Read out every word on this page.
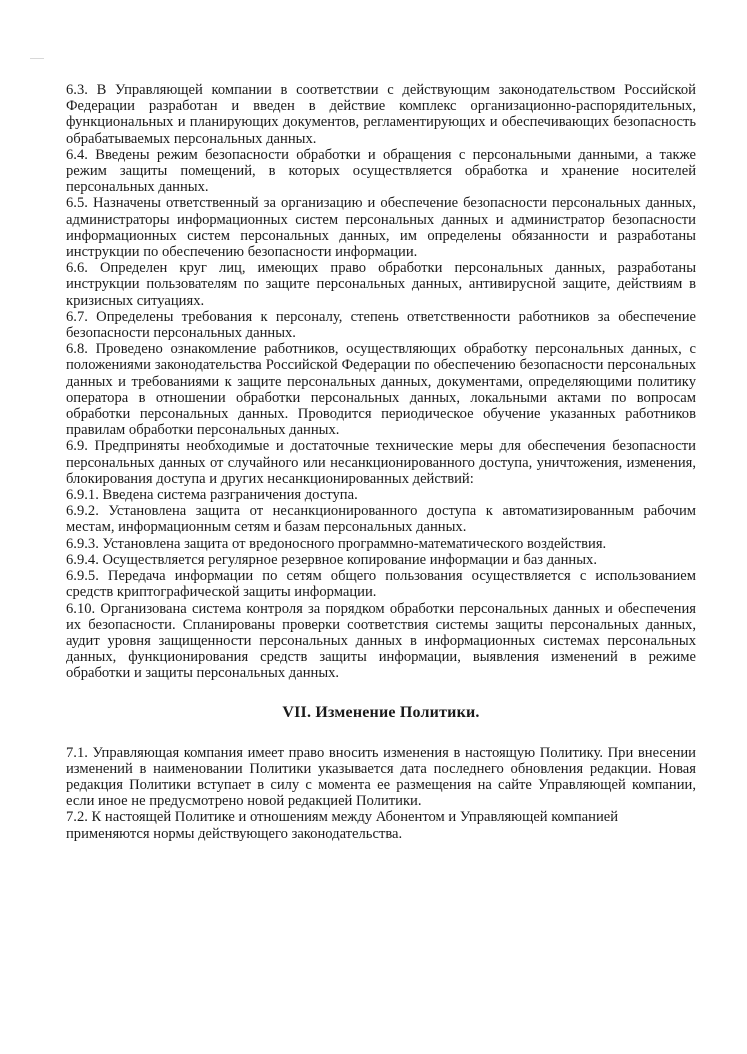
6.3. В Управляющей компании в соответствии с действующим законодательством Российской Федерации разработан и введен в действие комплекс организационно-распорядительных, функциональных и планирующих документов, регламентирующих и обеспечивающих безопасность обрабатываемых персональных данных.

6.4. Введены режим безопасности обработки и обращения с персональными данными, а также режим защиты помещений, в которых осуществляется обработка и хранение носителей персональных данных.

6.5. Назначены ответственный за организацию и обеспечение безопасности персональных данных, администраторы информационных систем персональных данных и администратор безопасности информационных систем персональных данных, им определены обязанности и разработаны инструкции по обеспечению безопасности информации.

6.6. Определен круг лиц, имеющих право обработки персональных данных, разработаны инструкции пользователям по защите персональных данных, антивирусной защите, действиям в кризисных ситуациях.

6.7. Определены требования к персоналу, степень ответственности работников за обеспечение безопасности персональных данных.

6.8. Проведено ознакомление работников, осуществляющих обработку персональных данных, с положениями законодательства Российской Федерации по обеспечению безопасности персональных данных и требованиями к защите персональных данных, документами, определяющими политику оператора в отношении обработки персональных данных, локальными актами по вопросам обработки персональных данных. Проводится периодическое обучение указанных работников правилам обработки персональных данных.

6.9. Предприняты необходимые и достаточные технические меры для обеспечения безопасности персональных данных от случайного или несанкционированного доступа, уничтожения, изменения, блокирования доступа и других несанкционированных действий:

6.9.1. Введена система разграничения доступа.

6.9.2. Установлена защита от несанкционированного доступа к автоматизированным рабочим местам, информационным сетям и базам персональных данных.

6.9.3. Установлена защита от вредоносного программно-математического воздействия.

6.9.4. Осуществляется регулярное резервное копирование информации и баз данных.

6.9.5. Передача информации по сетям общего пользования осуществляется с использованием средств криптографической защиты информации.

6.10. Организована система контроля за порядком обработки персональных данных и обеспечения их безопасности. Спланированы проверки соответствия системы защиты персональных данных, аудит уровня защищенности персональных данных в информационных системах персональных данных, функционирования средств защиты информации, выявления изменений в режиме обработки и защиты персональных данных.

VII. Изменение Политики.

7.1. Управляющая компания имеет право вносить изменения в настоящую Политику. При внесении изменений в наименовании Политики указывается дата последнего обновления редакции. Новая редакция Политики вступает в силу с момента ее размещения на сайте Управляющей компании, если иное не предусмотрено новой редакцией Политики.

7.2. К настоящей Политике и отношениям между Абонентом и Управляющей компанией применяются нормы действующего законодательства.
